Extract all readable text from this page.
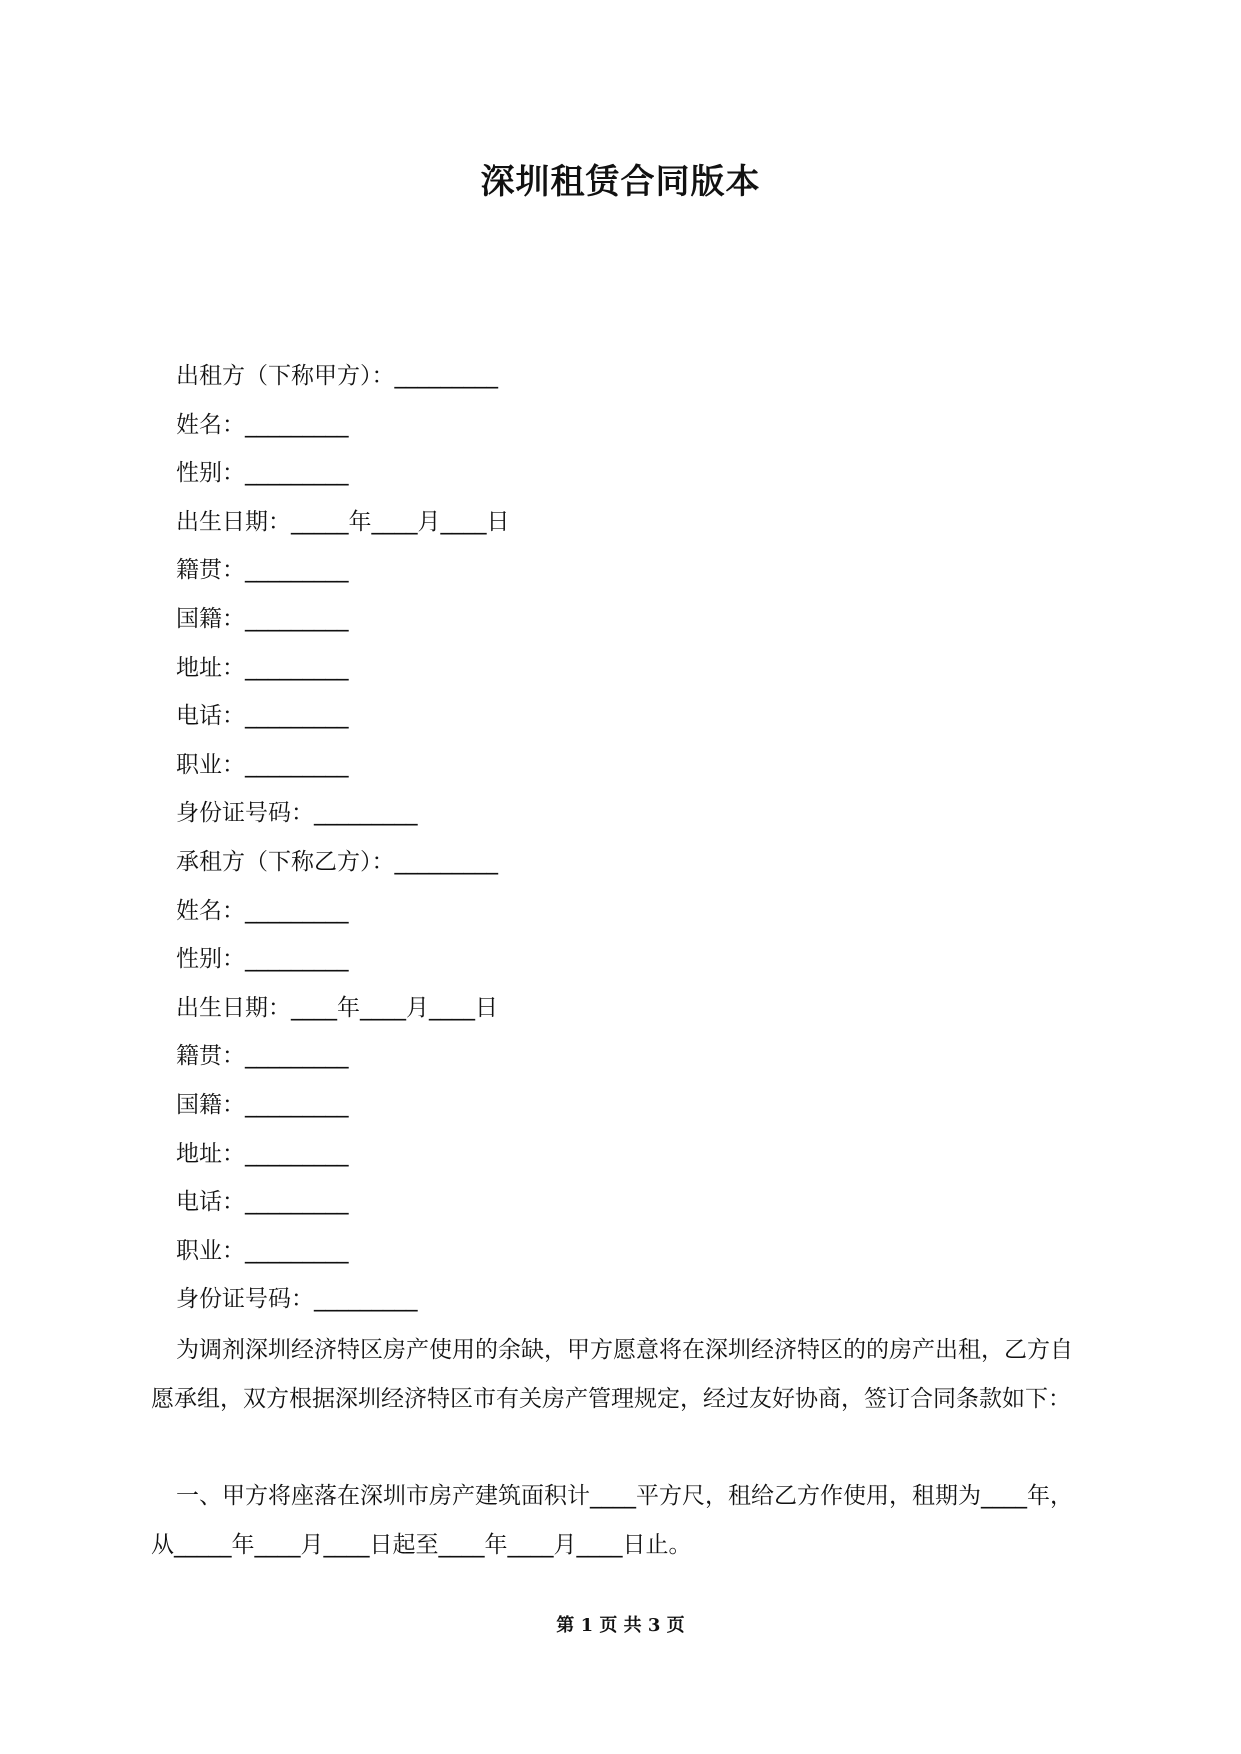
深圳租赁合同版本
出租方（下称甲方）：_________
姓名：_________
性别：_________
出生日期：_____年____月____日
籍贯：_________
国籍：_________
地址：_________
电话：_________
职业：_________
身份证号码：_________
承租方（下称乙方）：_________
姓名：_________
性别：_________
出生日期：____年____月____日
籍贯：_________
国籍：_________
地址：_________
电话：_________
职业：_________
身份证号码：_________

为调剂深圳经济特区房产使用的余缺，甲方愿意将在深圳经济特区的的房产出租，乙方自愿承组，双方根据深圳经济特区市有关房产管理规定，经过友好协商，签订合同条款如下：

一、甲方将座落在深圳市房产建筑面积计____平方尺，租给乙方作使用，租期为____年，从_____年____月____日起至____年____月____日止。

第 1 页 共 3 页
